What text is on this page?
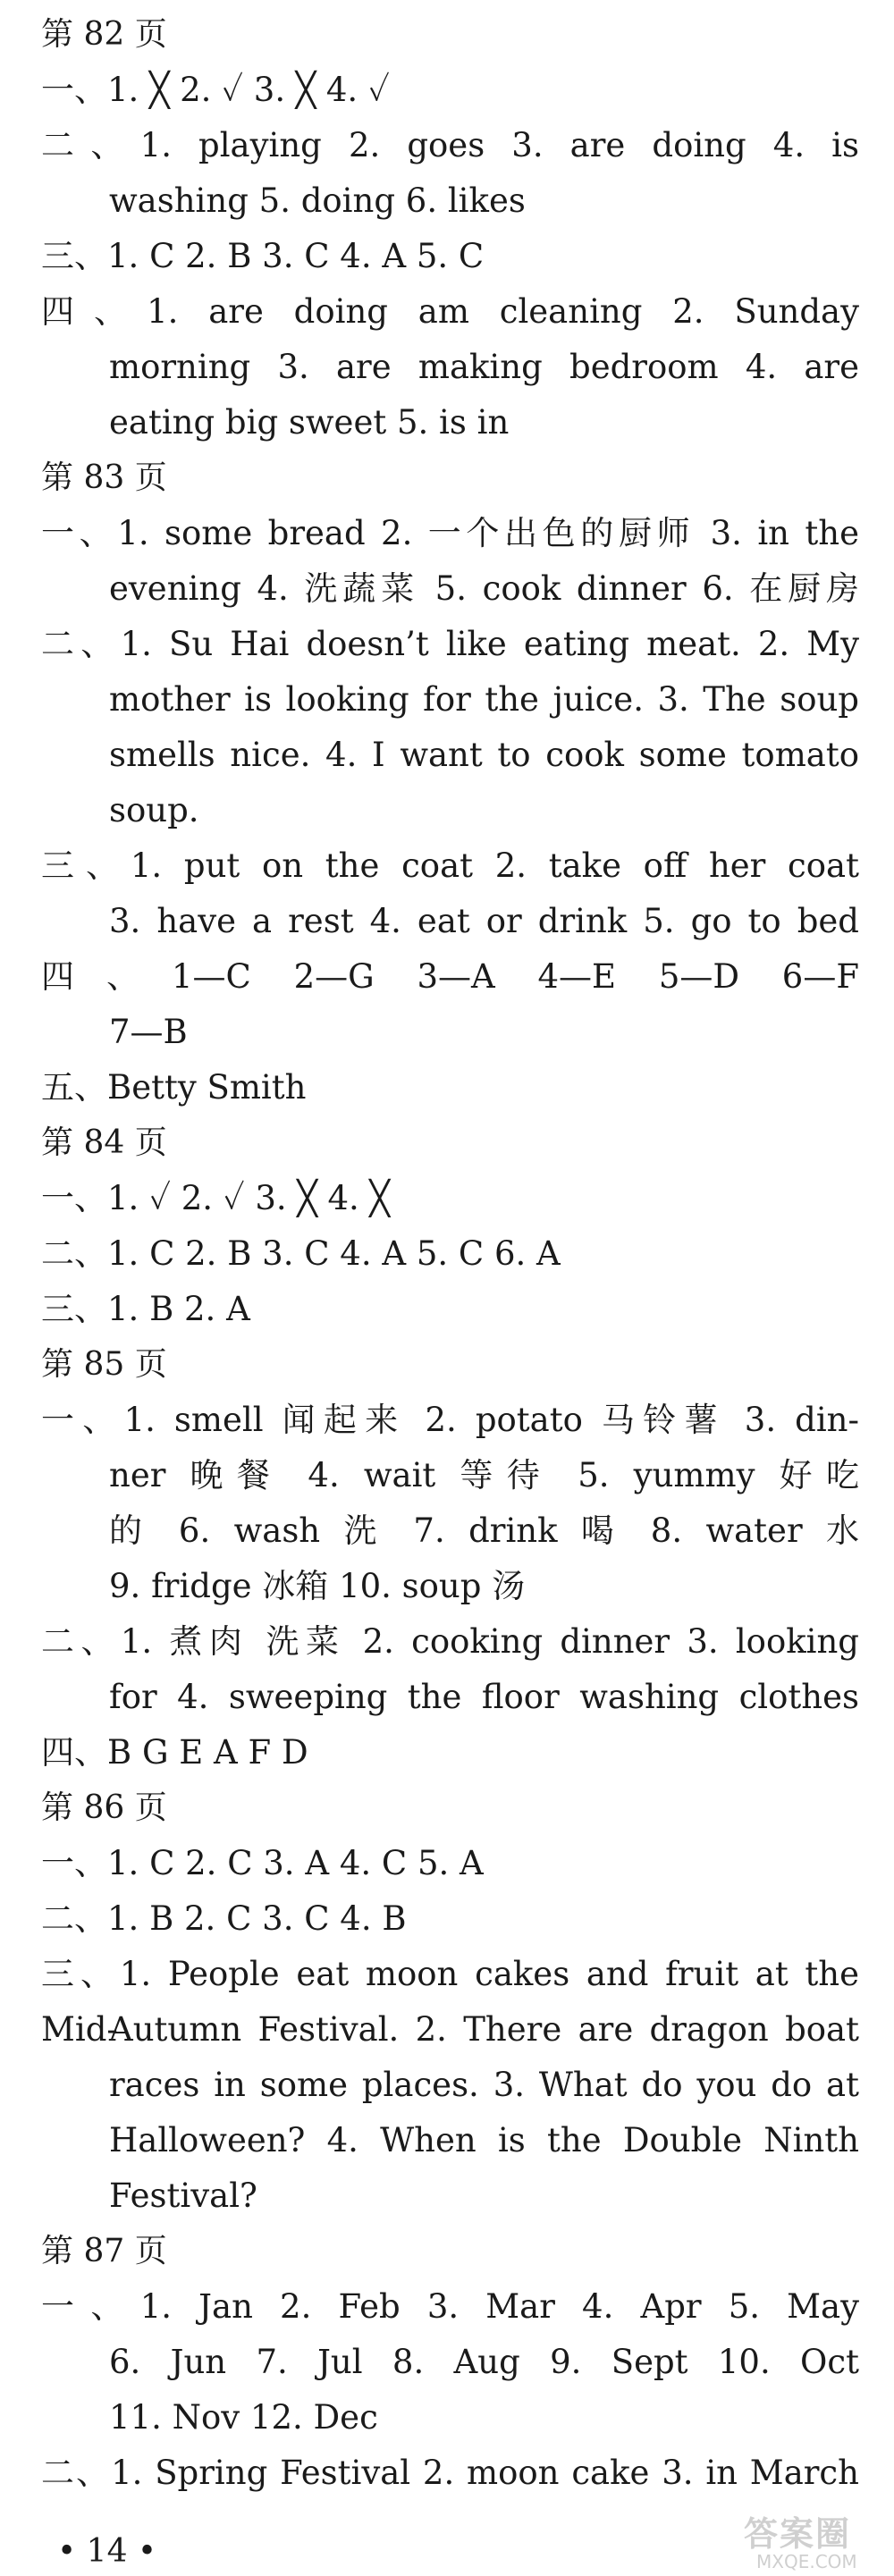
第 82 页
一、1. ╳ 2. ✓ 3. ╳ 4. ✓
二、1. playing 2. goes 3. are doing 4. is
washing 5. doing 6. likes
三、1. C 2. B 3. C 4. A 5. C
四、1. are doing am cleaning 2. Sunday
morning 3. are making bedroom 4. are
eating big sweet 5. is in
第 83 页
一、1. some bread 2. 一个出色的厨师 3. in the
evening 4. 洗蔬菜 5. cook dinner 6. 在厨房
二、1. Su Hai doesn’t like eating meat. 2. My
mother is looking for the juice. 3. The soup
smells nice. 4. I want to cook some tomato
soup.
三、1. put on the coat 2. take off her coat
3. have a rest 4. eat or drink 5. go to bed
四、1—C 2—G 3—A 4—E 5—D 6—F
7—B
五、Betty Smith
第 84 页
一、1. ✓ 2. ✓ 3. ╳ 4. ╳
二、1. C 2. B 3. C 4. A 5. C 6. A
三、1. B 2. A
第 85 页
一、1. smell 闻起来 2. potato 马铃薯 3. din-
ner 晚餐 4. wait 等待 5. yummy 好吃
的 6. wash 洗 7. drink 喝 8. water 水
9. fridge 冰箱 10. soup 汤
二、1. 煮肉 洗菜 2. cooking dinner 3. looking
for 4. sweeping the floor washing clothes
四、B G E A F D
第 86 页
一、1. C 2. C 3. A 4. C 5. A
二、1. B 2. C 3. C 4. B
三、1. People eat moon cakes and fruit at the Mid-
Autumn Festival. 2. There are dragon boat
races in some places. 3. What do you do at
Halloween? 4. When is the Double Ninth
Festival?
第 87 页
一、1. Jan 2. Feb 3. Mar 4. Apr 5. May
6. Jun 7. Jul 8. Aug 9. Sept 10. Oct
11. Nov 12. Dec
二、1. Spring Festival 2. moon cake 3. in March
• 14 •	答案圈
MXQE.COM
